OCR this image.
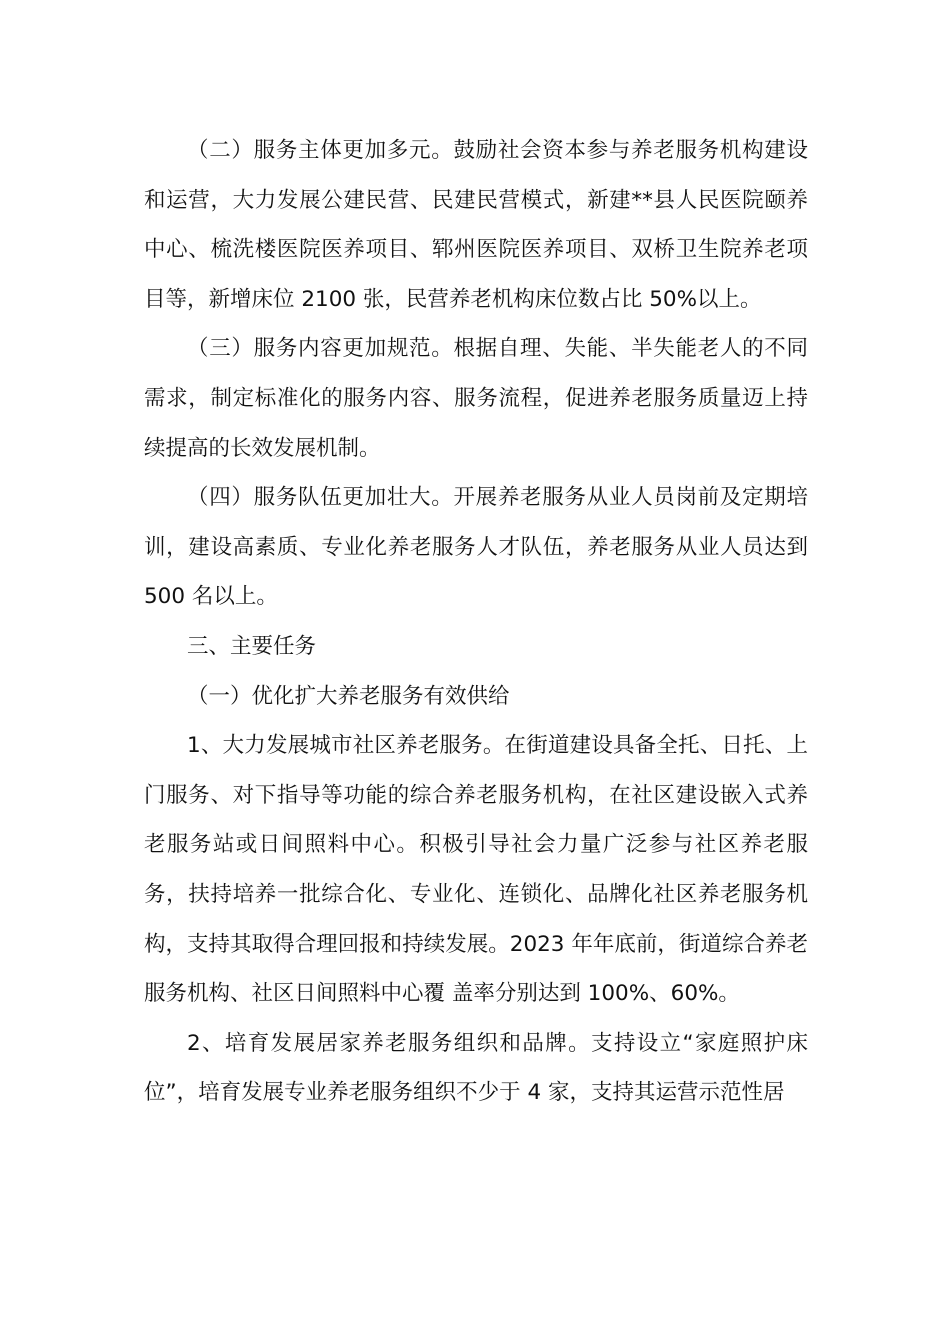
（二）服务主体更加多元。鼓励社会资本参与养老服务机构建设和运营，大力发展公建民营、民建民营模式，新建**县人民医院颐养中心、梳洗楼医院医养项目、郓州医院医养项目、双桥卫生院养老项目等，新增床位 2100 张，民营养老机构床位数占比 50%以上。

（三）服务内容更加规范。根据自理、失能、半失能老人的不同需求，制定标准化的服务内容、服务流程，促进养老服务质量迈上持续提高的长效发展机制。

（四）服务队伍更加壮大。开展养老服务从业人员岗前及定期培训，建设高素质、专业化养老服务人才队伍，养老服务从业人员达到 500 名以上。

三、主要任务

（一）优化扩大养老服务有效供给

1、大力发展城市社区养老服务。在街道建设具备全托、日托、上门服务、对下指导等功能的综合养老服务机构，在社区建设嵌入式养老服务站或日间照料中心。积极引导社会力量广泛参与社区养老服务，扶持培养一批综合化、专业化、连锁化、品牌化社区养老服务机构，支持其取得合理回报和持续发展。2023 年年底前，街道综合养老服务机构、社区日间照料中心覆 盖率分别达到 100%、60%。

2、培育发展居家养老服务组织和品牌。支持设立“家庭照护床位”，培育发展专业养老服务组织不少于 4 家，支持其运营示范性居
